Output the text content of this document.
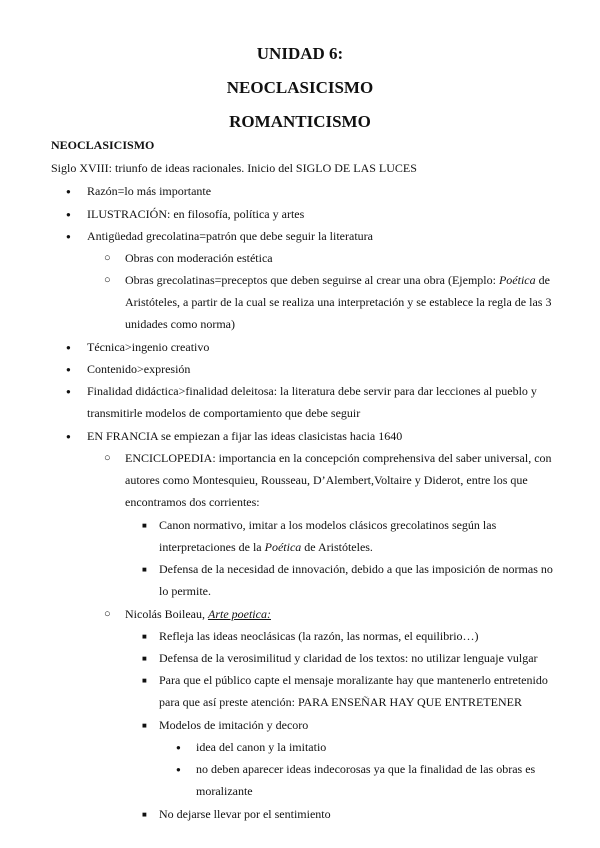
UNIDAD 6:
NEOCLASICISMO
ROMANTICISMO
NEOCLASICISMO
Siglo XVIII: triunfo de ideas racionales. Inicio del SIGLO DE LAS LUCES
● Razón=lo más importante
● ILUSTRACIÓN: en filosofía, política y artes
● Antigüedad grecolatina=patrón que debe seguir la literatura
○ Obras con moderación estética
○ Obras grecolatinas=preceptos que deben seguirse al crear una obra (Ejemplo: Poética de
Aristóteles, a partir de la cual se realiza una interpretación y se establece la regla de las 3
unidades como norma)
● Técnica>ingenio creativo
● Contenido>expresión
● Finalidad didáctica>finalidad deleitosa: la literatura debe servir para dar lecciones al pueblo y
transmitirle modelos de comportamiento que debe seguir
● EN FRANCIA se empiezan a fijar las ideas clasicistas hacia 1640
○ ENCICLOPEDIA: importancia en la concepción comprehensiva del saber universal, con
autores como Montesquieu, Rousseau, D’Alembert,Voltaire y Diderot, entre los que
encontramos dos corrientes:
■ Canon normativo, imitar a los modelos clásicos grecolatinos según las
interpretaciones de la Poética de Aristóteles.
■ Defensa de la necesidad de innovación, debido a que las imposición de normas no
lo permite.
○ Nicolás Boileau, Arte poetica:
■ Refleja las ideas neoclásicas (la razón, las normas, el equilibrio…)
■ Defensa de la verosimilitud y claridad de los textos: no utilizar lenguaje vulgar
■ Para que el público capte el mensaje moralizante hay que mantenerlo entretenido
para que así preste atención: PARA ENSEÑAR HAY QUE ENTRETENER
■ Modelos de imitación y decoro
● idea del canon y la imitatio
● no deben aparecer ideas indecorosas ya que la finalidad de las obras es
moralizante
■ No dejarse llevar por el sentimiento
